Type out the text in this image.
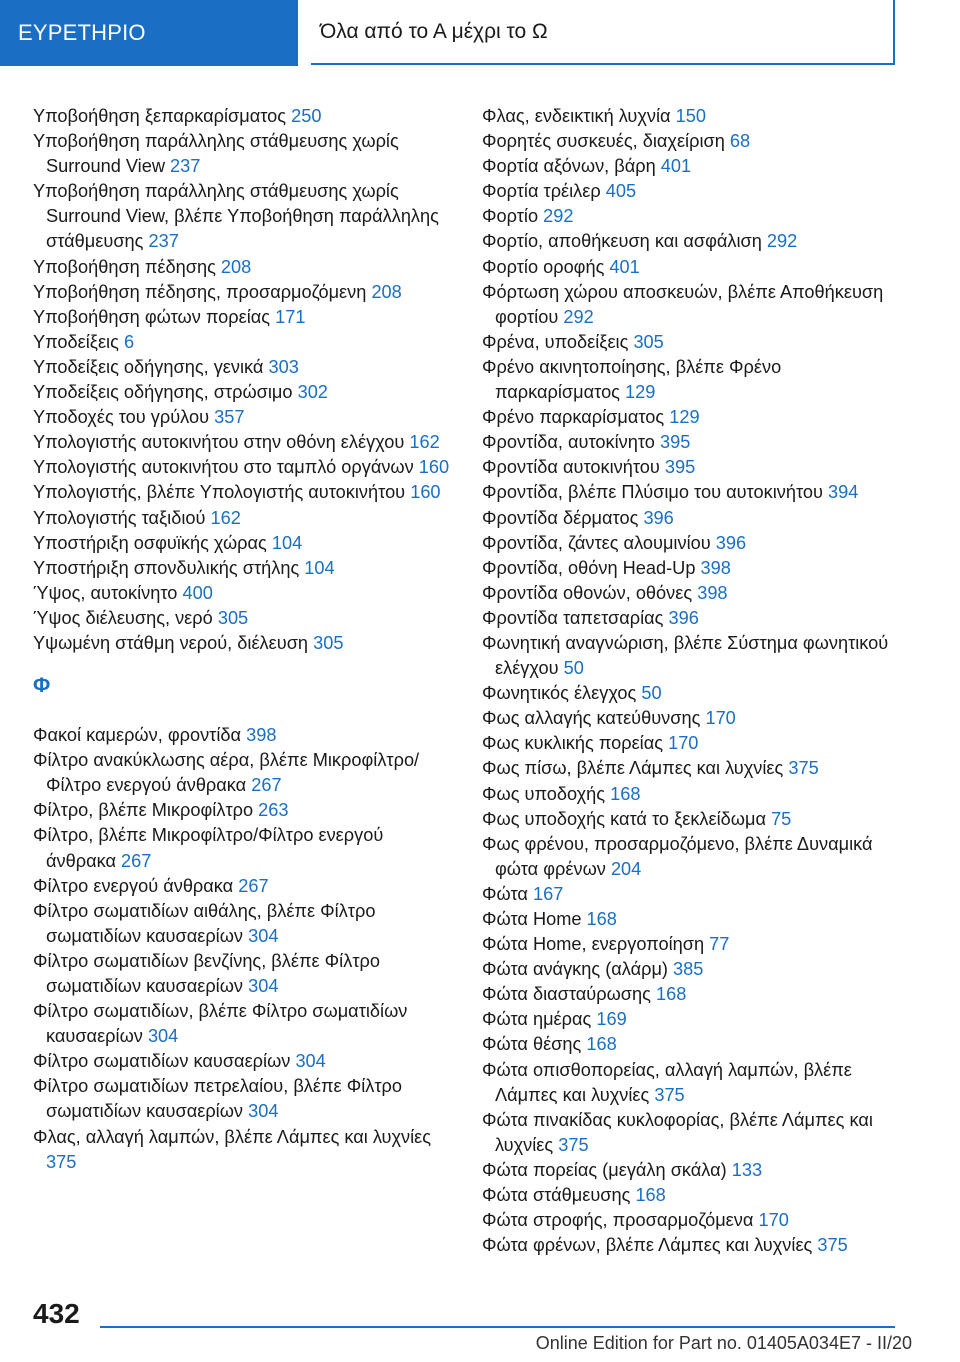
ΕΥΡΕΤΗΡΙΟ	Όλα από το Α μέχρι το Ω
Υποβοήθηση ξεπαρκαρίσματος 250
Υποβοήθηση παράλληλης στάθμευσης χωρίς Surround View 237
Υποβοήθηση παράλληλης στάθμευσης χωρίς Surround View, βλέπε Υποβοήθηση παράλληλης στάθμευσης 237
Υποβοήθηση πέδησης 208
Υποβοήθηση πέδησης, προσαρμοζόμενη 208
Υποβοήθηση φώτων πορείας 171
Υποδείξεις 6
Υποδείξεις οδήγησης, γενικά 303
Υποδείξεις οδήγησης, στρώσιμο 302
Υποδοχές του γρύλου 357
Υπολογιστής αυτοκινήτου στην οθόνη ελέγχου 162
Υπολογιστής αυτοκινήτου στο ταμπλό οργάνων 160
Υπολογιστής, βλέπε Υπολογιστής αυτοκινήτου 160
Υπολογιστής ταξιδιού 162
Υποστήριξη οσφυϊκής χώρας 104
Υποστήριξη σπονδυλικής στήλης 104
Ύψος, αυτοκίνητο 400
Ύψος διέλευσης, νερό 305
Υψωμένη στάθμη νερού, διέλευση 305
Φ
Φακοί καμερών, φροντίδα 398
Φίλτρο ανακύκλωσης αέρα, βλέπε Μικροφίλτρο/Φίλτρο ενεργού άνθρακα 267
Φίλτρο, βλέπε Μικροφίλτρο 263
Φίλτρο, βλέπε Μικροφίλτρο/Φίλτρο ενεργού άνθρακα 267
Φίλτρο ενεργού άνθρακα 267
Φίλτρο σωματιδίων αιθάλης, βλέπε Φίλτρο σωματιδίων καυσαερίων 304
Φίλτρο σωματιδίων βενζίνης, βλέπε Φίλτρο σωματιδίων καυσαερίων 304
Φίλτρο σωματιδίων, βλέπε Φίλτρο σωματιδίων καυσαερίων 304
Φίλτρο σωματιδίων καυσαερίων 304
Φίλτρο σωματιδίων πετρελαίου, βλέπε Φίλτρο σωματιδίων καυσαερίων 304
Φλας, αλλαγή λαμπών, βλέπε Λάμπες και λυχνίες 375
Φλας, ενδεικτική λυχνία 150
Φορητές συσκευές, διαχείριση 68
Φορτία αξόνων, βάρη 401
Φορτία τρέιλερ 405
Φορτίο 292
Φορτίο, αποθήκευση και ασφάλιση 292
Φορτίο οροφής 401
Φόρτωση χώρου αποσκευών, βλέπε Αποθήκευση φορτίου 292
Φρένα, υποδείξεις 305
Φρένο ακινητοποίησης, βλέπε Φρένο παρκαρίσματος 129
Φρένο παρκαρίσματος 129
Φροντίδα, αυτοκίνητο 395
Φροντίδα αυτοκινήτου 395
Φροντίδα, βλέπε Πλύσιμο του αυτοκινήτου 394
Φροντίδα δέρματος 396
Φροντίδα, ζάντες αλουμινίου 396
Φροντίδα, οθόνη Head-Up 398
Φροντίδα οθονών, οθόνες 398
Φροντίδα ταπετσαρίας 396
Φωνητική αναγνώριση, βλέπε Σύστημα φωνητικού ελέγχου 50
Φωνητικός έλεγχος 50
Φως αλλαγής κατεύθυνσης 170
Φως κυκλικής πορείας 170
Φως πίσω, βλέπε Λάμπες και λυχνίες 375
Φως υποδοχής 168
Φως υποδοχής κατά το ξεκλείδωμα 75
Φως φρένου, προσαρμοζόμενο, βλέπε Δυναμικά φώτα φρένων 204
Φώτα 167
Φώτα Home 168
Φώτα Home, ενεργοποίηση 77
Φώτα ανάγκης (αλάρμ) 385
Φώτα διασταύρωσης 168
Φώτα ημέρας 169
Φώτα θέσης 168
Φώτα οπισθοπορείας, αλλαγή λαμπών, βλέπε Λάμπες και λυχνίες 375
Φώτα πινακίδας κυκλοφορίας, βλέπε Λάμπες και λυχνίες 375
Φώτα πορείας (μεγάλη σκάλα) 133
Φώτα στάθμευσης 168
Φώτα στροφής, προσαρμοζόμενα 170
Φώτα φρένων, βλέπε Λάμπες και λυχνίες 375
432
Online Edition for Part no. 01405A034E7 - II/20
